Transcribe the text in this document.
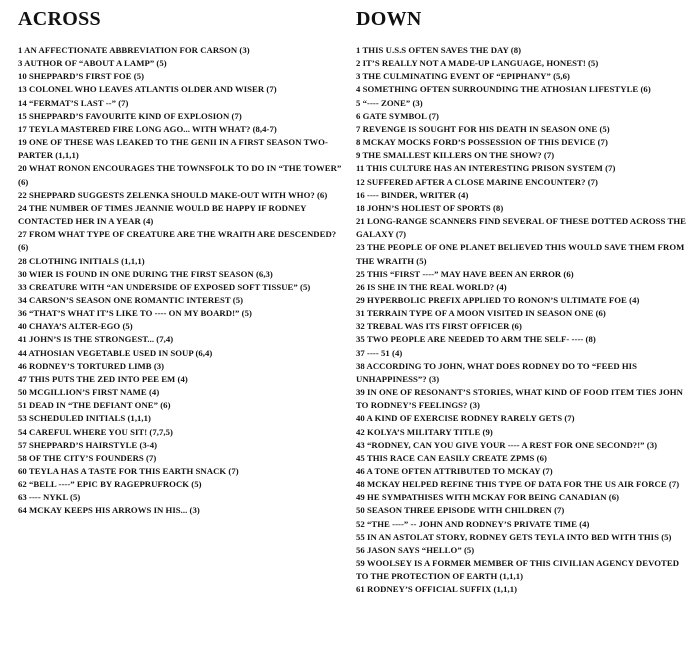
ACROSS
1 AN AFFECTIONATE ABBREVIATION FOR CARSON (3)
3 AUTHOR OF “ABOUT A LAMP” (5)
10 SHEPPARD’S FIRST FOE (5)
13 COLONEL WHO LEAVES ATLANTIS OLDER AND WISER (7)
14 “FERMAT’S LAST --” (7)
15 SHEPPARD’S FAVOURITE KIND OF EXPLOSION (7)
17 TEYLA MASTERED FIRE LONG AGO... WITH WHAT? (8,4-7)
19 ONE OF THESE WAS LEAKED TO THE GENII IN A FIRST SEASON TWO-PARTER (1,1,1)
20 WHAT RONON ENCOURAGES THE TOWNSFOLK TO DO IN “THE TOWER” (6)
22 SHEPPARD SUGGESTS ZELENKA SHOULD MAKE-OUT WITH WHO? (6)
24 THE NUMBER OF TIMES JEANNIE WOULD BE HAPPY IF RODNEY CONTACTED HER IN A YEAR (4)
27 FROM WHAT TYPE OF CREATURE ARE THE WRAITH ARE DESCENDED? (6)
28 CLOTHING INITIALS (1,1,1)
30 WIER IS FOUND IN ONE DURING THE FIRST SEASON (6,3)
33 CREATURE WITH “AN UNDERSIDE OF EXPOSED SOFT TISSUE” (5)
34 CARSON’S SEASON ONE ROMANTIC INTEREST (5)
36 “THAT’S WHAT IT’S LIKE TO ---- ON MY BOARD!” (5)
40 CHAYA’S ALTER-EGO (5)
41 JOHN’S IS THE STRONGEST... (7,4)
44 ATHOSIAN VEGETABLE USED IN SOUP (6,4)
46 RODNEY’S TORTURED LIMB (3)
47 THIS PUTS THE ZED INTO PEE EM (4)
50 MCGILLION’S FIRST NAME (4)
51 DEAD IN “THE DEFIANT ONE” (6)
53 SCHEDULED INITIALS (1,1,1)
54 CAREFUL WHERE YOU SIT! (7,7,5)
57 SHEPPARD’S HAIRSTYLE (3-4)
58 OF THE CITY’S FOUNDERS (7)
60 TEYLA HAS A TASTE FOR THIS EARTH SNACK (7)
62 “BELL ----” EPIC BY RAGEPRUFROCK (5)
63 ---- NYKL (5)
64 MCKAY KEEPS HIS ARROWS IN HIS... (3)
DOWN
1 THIS U.S.S OFTEN SAVES THE DAY (8)
2 IT’S REALLY NOT A MADE-UP LANGUAGE, HONEST! (5)
3 THE CULMINATING EVENT OF “EPIPHANY” (5,6)
4 SOMETHING OFTEN SURROUNDING THE ATHOSIAN LIFESTYLE (6)
5 “---- ZONE” (3)
6 GATE SYMBOL (7)
7 REVENGE IS SOUGHT FOR HIS DEATH IN SEASON ONE (5)
8 MCKAY MOCKS FORD’S POSSESSION OF THIS DEVICE (7)
9 THE SMALLEST KILLERS ON THE SHOW? (7)
11 THIS CULTURE HAS AN INTERESTING PRISON SYSTEM (7)
12 SUFFERED AFTER A CLOSE MARINE ENCOUNTER? (7)
16 ---- BINDER, WRITER (4)
18 JOHN’S HOLIEST OF SPORTS (8)
21 LONG-RANGE SCANNERS FIND SEVERAL OF THESE DOTTED ACROSS THE GALAXY (7)
23 THE PEOPLE OF ONE PLANET BELIEVED THIS WOULD SAVE THEM FROM THE WRAITH (5)
25 THIS “FIRST ----” MAY HAVE BEEN AN ERROR (6)
26 IS SHE IN THE REAL WORLD? (4)
29 HYPERBOLIC PREFIX APPLIED TO RONON’S ULTIMATE FOE (4)
31 TERRAIN TYPE OF A MOON VISITED IN SEASON ONE (6)
32 TREBAL WAS ITS FIRST OFFICER (6)
35 TWO PEOPLE ARE NEEDED TO ARM THE SELF- ---- (8)
37 ---- 51 (4)
38 ACCORDING TO JOHN, WHAT DOES RODNEY DO TO “FEED HIS UNHAPPINESS”? (3)
39 IN ONE OF RESONANT’S STORIES, WHAT KIND OF FOOD ITEM TIES JOHN TO RODNEY’S FEELINGS? (3)
40 A KIND OF EXERCISE RODNEY RARELY GETS (7)
42 KOLYA’S MILITARY TITLE (9)
43 “RODNEY, CAN YOU GIVE YOUR ---- A REST FOR ONE SECOND?!” (3)
45 THIS RACE CAN EASILY CREATE ZPMS (6)
46 A TONE OFTEN ATTRIBUTED TO MCKAY (7)
48 MCKAY HELPED REFINE THIS TYPE OF DATA FOR THE US AIR FORCE (7)
49 HE SYMPATHISES WITH MCKAY FOR BEING CANADIAN (6)
50 SEASON THREE EPISODE WITH CHILDREN (7)
52 “THE ----” -- JOHN AND RODNEY’S PRIVATE TIME (4)
55 IN AN ASTOLAT STORY, RODNEY GETS TEYLA INTO BED WITH THIS (5)
56 JASON SAYS “HELLO” (5)
59 WOOLSEY IS A FORMER MEMBER OF THIS CIVILIAN AGENCY DEVOTED TO THE PROTECTION OF EARTH (1,1,1)
61 RODNEY’S OFFICIAL SUFFIX (1,1,1)
